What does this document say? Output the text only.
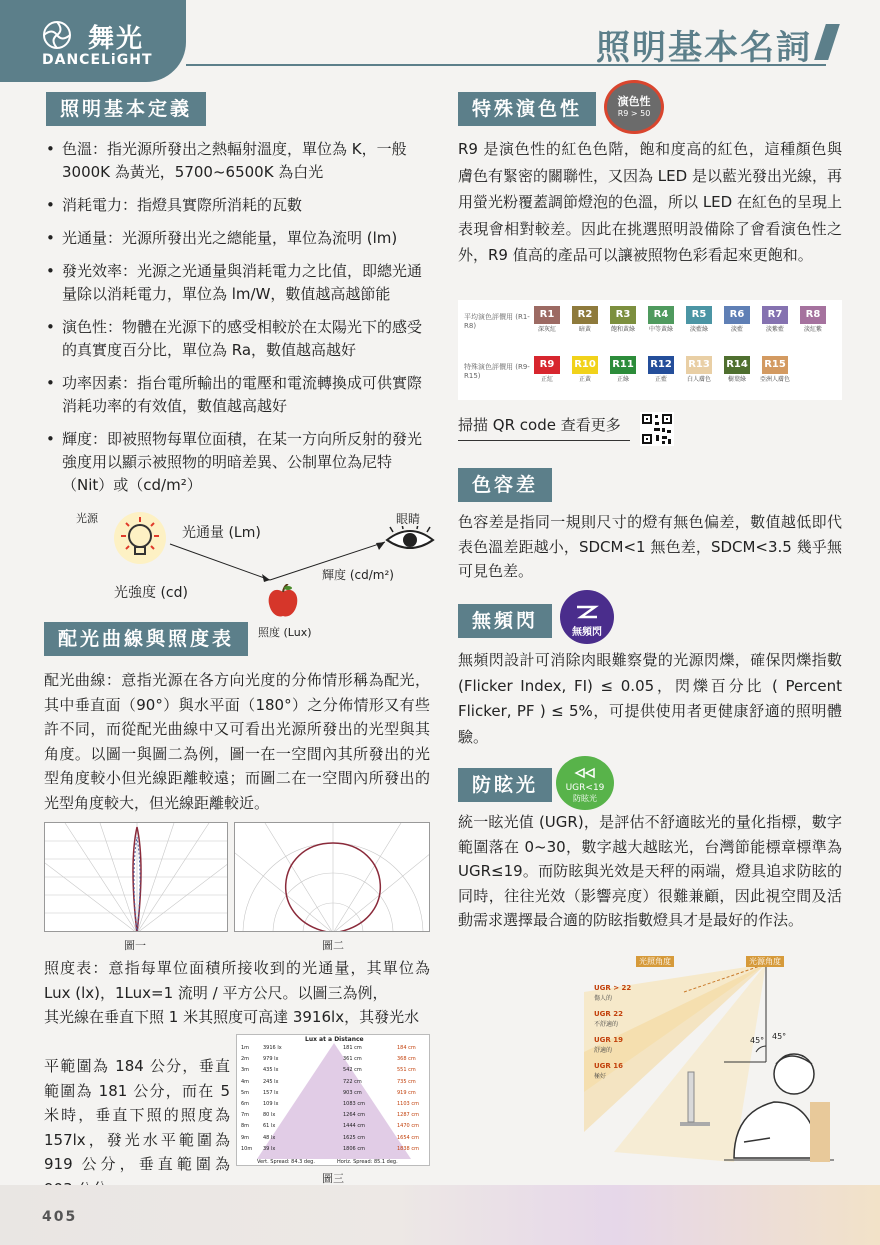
舞光
DANCELiGHT	照明基本名詞
照明基本定義
• 色溫：指光源所發出之熱輻射溫度，單位為 K，一般 3000K 為黃光，5700~6500K 為白光
• 消耗電力：指燈具實際所消耗的瓦數
• 光通量：光源所發出光之總能量，單位為流明 (lm)
• 發光效率：光源之光通量與消耗電力之比值，即總光通量除以消耗電力，單位為 lm/W，數值越高越節能
• 演色性：物體在光源下的感受相較於在太陽光下的感受的真實度百分比，單位為 Ra，數值越高越好
• 功率因素：指台電所輸出的電壓和電流轉換成可供實際消耗功率的有效值，數值越高越好
• 輝度：即被照物每單位面積，在某一方向所反射的發光強度用以顯示被照物的明暗差異、公制單位為尼特（Nit）或（cd/m²）
光源
光通量 (Lm)
眼睛
光強度 (cd)
輝度 (cd/m²)
照度 (Lux)
配光曲線與照度表
配光曲線：意指光源在各方向光度的分佈情形稱為配光，其中垂直面（90°）與水平面（180°）之分佈情形又有些許不同，而從配光曲線中又可看出光源所發出的光型與其角度。以圖一與圖二為例，圖一在一空間內其所發出的光型角度較小但光線距離較遠；而圖二在一空間內所發出的光型角度較大，但光線距離較近。
圖一	圖二
照度表：意指每單位面積所接收到的光通量，其單位為 Lux (lx)，1Lux=1 流明 / 平方公尺。以圖三為例，
其光線在垂直下照 1 米其照度可高達 3916lx，其發光水
平範圍為 184 公分，垂直範圍為 181 公分，而在 5 米時，垂直下照的照度為 157lx，發光水平範圍為 919 公分，垂直範圍為
Lux at a Distance
1m	3916 lx	181 cm	184 cm
2m	979 lx	361 cm	368 cm
3m	435 lx	542 cm	551 cm
4m	245 lx	722 cm	735 cm
5m	157 lx	903 cm	919 cm
6m	109 lx	1083 cm	1103 cm
7m	80 lx	1264 cm	1287 cm
8m	61 lx	1444 cm	1470 cm
9m	48 lx	1625 cm	1654 cm
10m 39 lx	1806 cm	1838 cm
Vert. Spread: 84.3 deg.	Horiz. Spread: 85.1 deg.
圖三
特殊演色性	演色性
R9 > 50
R9 是演色性的紅色色階，飽和度高的紅色，這種顏色與膚色有緊密的關聯性，又因為 LED 是以藍光發出光線，再用螢光粉覆蓋調節燈泡的色溫，所以 LED 在紅色的呈現上表現會相對較差。因此在挑選照明設備除了會看演色性之外，R9 值高的產品可以讓被照物色彩看起來更飽和。
平均演色評價用 (R1-R8)
特殊演色評價用 (R9-R15)
R1
深灰紅
R2
暗黃
R3
飽和黃綠
R4
中等黃綠
R5
淡藍綠
R6
淡藍
R7
淡紫藍
R8
淡紅紫
R9
正紅
R10
正黃
R11
正綠
R12
正藍
R13
白人膚色
R14
樹葉綠
R15
亞洲人膚色
掃描 QR code 查看更多
色容差
色容差是指同一規則尺寸的燈有無色偏差，數值越低即代表色溫差距越小，SDCM<1 無色差，SDCM<3.5 幾乎無可見色差。
無頻閃
無頻閃
無頻閃設計可消除肉眼難察覺的光源閃爍，確保閃爍指數 (Flicker Index, FI) ≤ 0.05，閃爍百分比 ( Percent Flicker, PF ) ≤ 5%，可提供使用者更健康舒適的照明體驗。
防眩光	UGR<19
防眩光
統一眩光值 (UGR)，是評估不舒適眩光的量化指標，數字範圍落在 0~30，數字越大越眩光，台灣節能標章標準為 UGR≤19。而防眩與光效是天秤的兩端，燈具追求防眩的同時，往往光效（影響亮度）很難兼顧，因此視空間及活動需求選擇最合適的防眩指數燈具才是最好的作法。
光照角度	光源角度
45° 45°
UGR > 22
傷人的
UGR 22
不舒適的
UGR 19
舒適的
UGR 16
極好
405
